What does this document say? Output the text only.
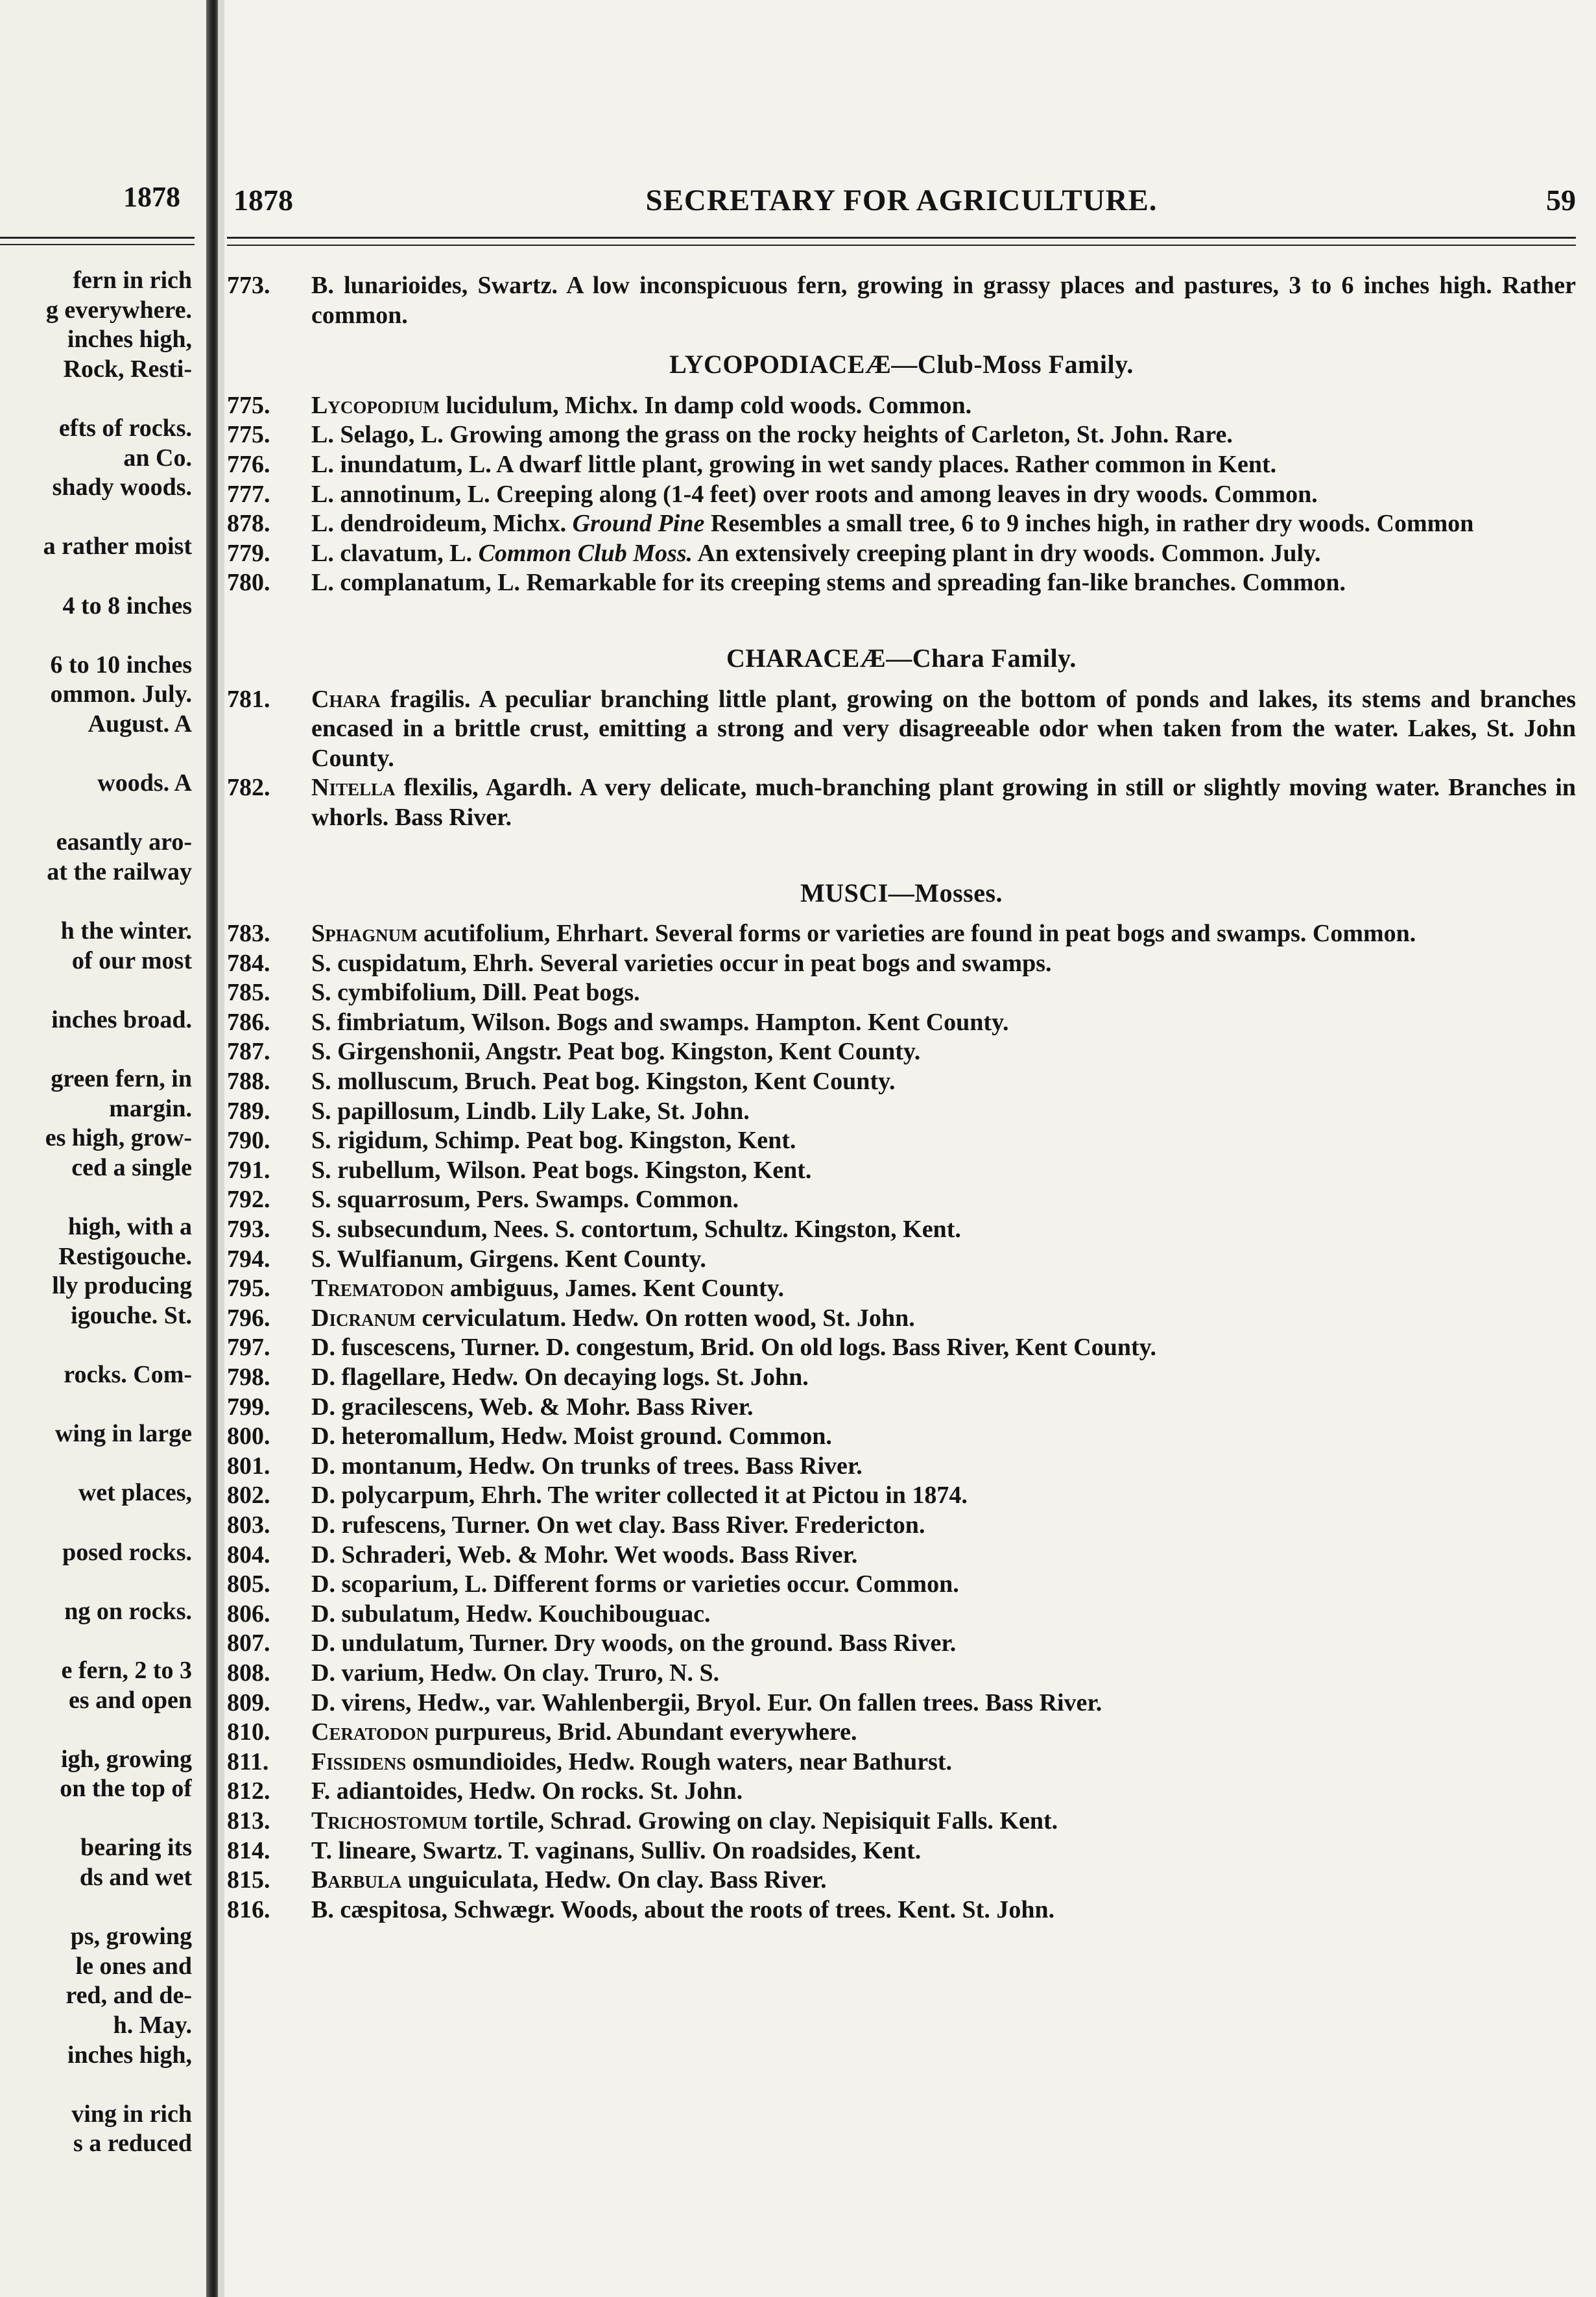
1878
fern in rich
g everywhere.
inches high,
Rock, Resti-
efts of rocks.
an Co.
shady woods.
a rather moist
4 to 8 inches
6 to 10 inches
ommon. July.
August. A
woods. A
easantly aro-
at the railway
h the winter.
of our most
inches broad.
green fern, in
margin.
es high, grow-
ced a single
high, with a
Restigouche.
lly producing
igouche. St.
rocks. Com-
wing in large
wet places,
posed rocks.
ng on rocks.
e fern, 2 to 3
es and open
igh, growing
on the top of
bearing its
ds and wet
ps, growing
le ones and
red, and de-
h. May.
inches high,
ving in rich
s a reduced
1878	SECRETARY FOR AGRICULTURE.	59
773.	B. lunarioides, Swartz. A low inconspicuous fern, growing in grassy places and pastures, 3 to 6 inches high. Rather common.
LYCOPODIACEÆ—Club-Moss Family.
775.	Lycopodium lucidulum, Michx. In damp cold woods. Common.
775.	L. Selago, L. Growing among the grass on the rocky heights of Carleton, St. John. Rare.
776.	L. inundatum, L. A dwarf little plant, growing in wet sandy places. Rather common in Kent.
777.	L. annotinum, L. Creeping along (1-4 feet) over roots and among leaves in dry woods. Common.
878.	L. dendroideum, Michx. Ground Pine Resembles a small tree, 6 to 9 inches high, in rather dry woods. Common
779.	L. clavatum, L. Common Club Moss. An extensively creeping plant in dry woods. Common. July.
780.	L. complanatum, L. Remarkable for its creeping stems and spreading fan-like branches. Common.
CHARACEÆ—Chara Family.
781.	Chara fragilis. A peculiar branching little plant, growing on the bottom of ponds and lakes, its stems and branches encased in a brittle crust, emitting a strong and very disagreeable odor when taken from the water. Lakes, St. John County.
782.	Nitella flexilis, Agardh. A very delicate, much-branching plant growing in still or slightly moving water. Branches in whorls. Bass River.
MUSCI—Mosses.
783.	Sphagnum acutifolium, Ehrhart. Several forms or varieties are found in peat bogs and swamps. Common.
784.	S. cuspidatum, Ehrh. Several varieties occur in peat bogs and swamps.
785.	S. cymbifolium, Dill. Peat bogs.
786.	S. fimbriatum, Wilson. Bogs and swamps. Hampton. Kent County.
787.	S. Girgenshonii, Angstr. Peat bog. Kingston, Kent County.
788.	S. molluscum, Bruch. Peat bog. Kingston, Kent County.
789.	S. papillosum, Lindb. Lily Lake, St. John.
790.	S. rigidum, Schimp. Peat bog. Kingston, Kent.
791.	S. rubellum, Wilson. Peat bogs. Kingston, Kent.
792.	S. squarrosum, Pers. Swamps. Common.
793.	S. subsecundum, Nees. S. contortum, Schultz. Kingston, Kent.
794.	S. Wulfianum, Girgens. Kent County.
795.	Trematodon ambiguus, James. Kent County.
796.	Dicranum cerviculatum. Hedw. On rotten wood, St. John.
797.	D. fuscescens, Turner. D. congestum, Brid. On old logs. Bass River, Kent County.
798.	D. flagellare, Hedw. On decaying logs. St. John.
799.	D. gracilescens, Web. & Mohr. Bass River.
800.	D. heteromallum, Hedw. Moist ground. Common.
801.	D. montanum, Hedw. On trunks of trees. Bass River.
802.	D. polycarpum, Ehrh. The writer collected it at Pictou in 1874.
803.	D. rufescens, Turner. On wet clay. Bass River. Fredericton.
804.	D. Schraderi, Web. & Mohr. Wet woods. Bass River.
805.	D. scoparium, L. Different forms or varieties occur. Common.
806.	D. subulatum, Hedw. Kouchibouguac.
807.	D. undulatum, Turner. Dry woods, on the ground. Bass River.
808.	D. varium, Hedw. On clay. Truro, N. S.
809.	D. virens, Hedw., var. Wahlenbergii, Bryol. Eur. On fallen trees. Bass River.
810.	Ceratodon purpureus, Brid. Abundant everywhere.
811.	Fissidens osmundioides, Hedw. Rough waters, near Bathurst.
812.	F. adiantoides, Hedw. On rocks. St. John.
813.	Trichostomum tortile, Schrad. Growing on clay. Nepisiquit Falls. Kent.
814.	T. lineare, Swartz. T. vaginans, Sulliv. On roadsides, Kent.
815.	Barbula unguiculata, Hedw. On clay. Bass River.
816.	B. cæspitosa, Schwægr. Woods, about the roots of trees. Kent. St. John.
